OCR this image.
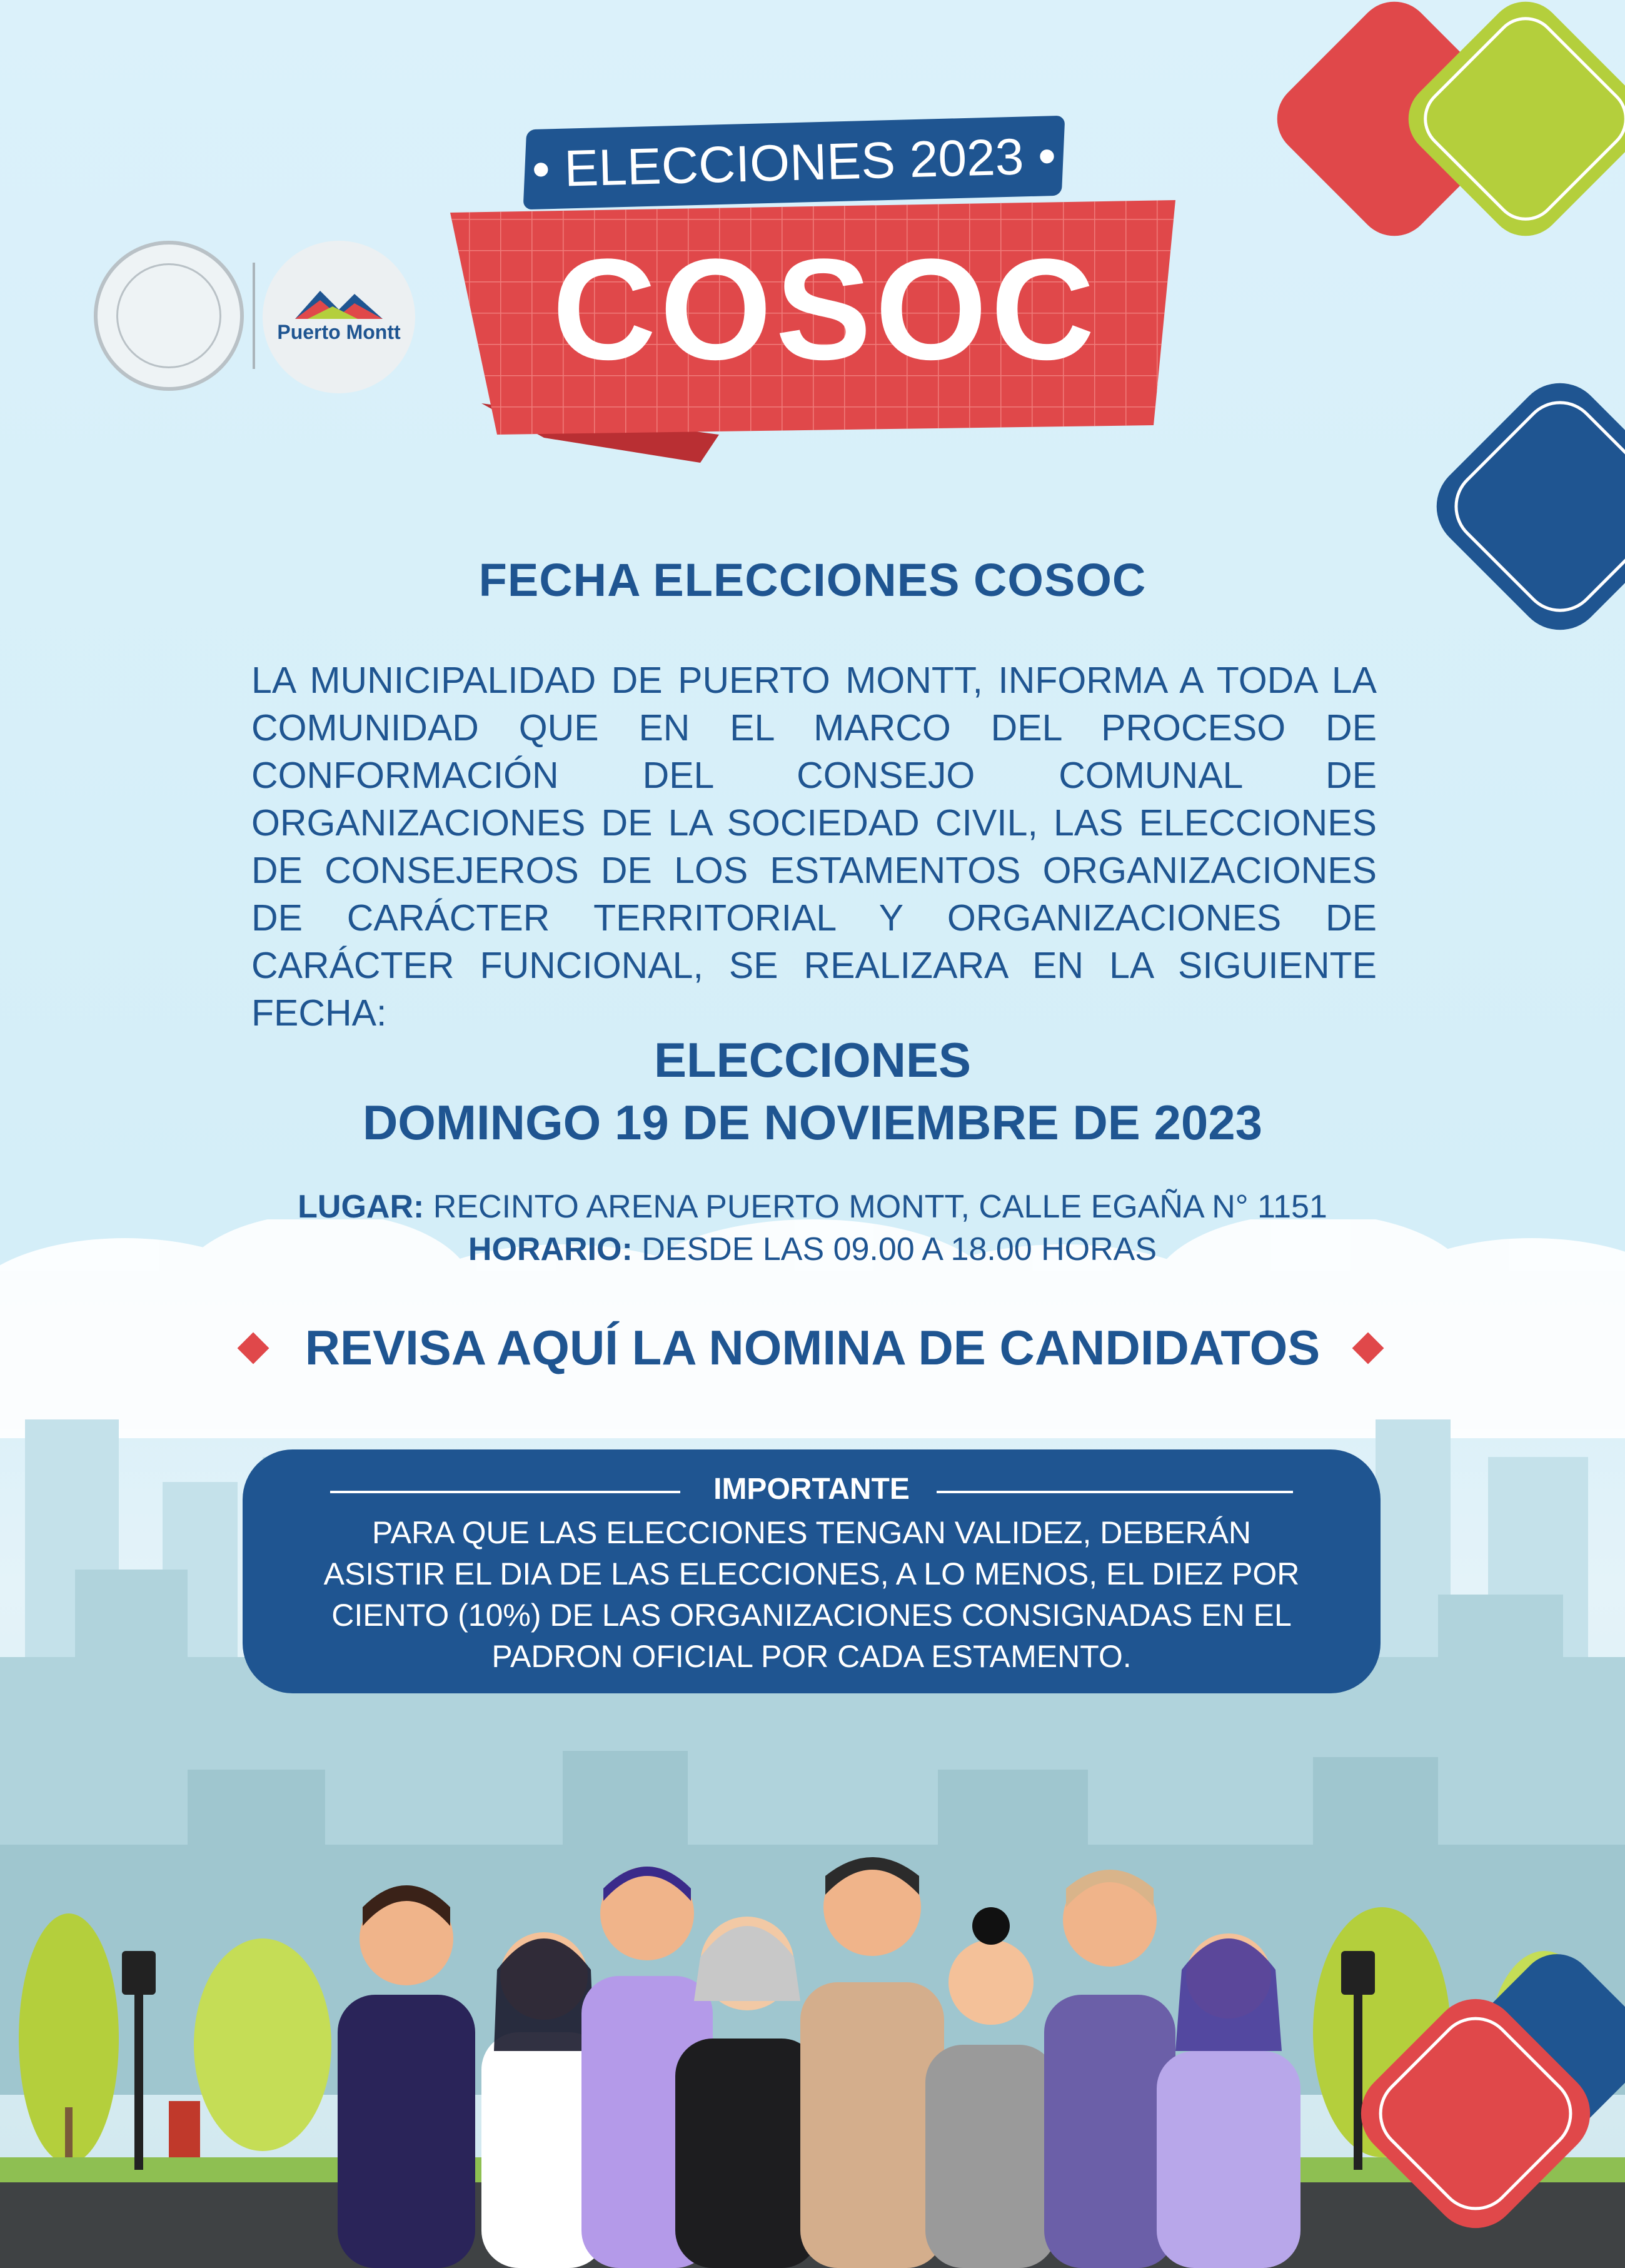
Puerto Montt
• ELECCIONES 2023 •
COSOC
FECHA ELECCIONES COSOC

LA MUNICIPALIDAD DE PUERTO MONTT, INFORMA A TODA LA COMUNIDAD QUE EN EL MARCO DEL PROCESO DE CONFORMACIÓN DEL CONSEJO COMUNAL DE ORGANIZACIONES DE LA SOCIEDAD CIVIL, LAS ELECCIONES DE CONSEJEROS DE LOS ESTAMENTOS ORGANIZACIONES DE CARÁCTER TERRITORIAL Y ORGANIZACIONES DE CARÁCTER FUNCIONAL, SE REALIZARA EN LA SIGUIENTE FECHA:

ELECCIONES
DOMINGO 19 DE NOVIEMBRE DE 2023
LUGAR: RECINTO ARENA PUERTO MONTT, CALLE EGAÑA N° 1151
HORARIO: DESDE LAS 09.00 A 18.00 HORAS
REVISA AQUÍ LA NOMINA DE CANDIDATOS
IMPORTANTE
PARA QUE LAS ELECCIONES TENGAN VALIDEZ, DEBERÁN ASISTIR EL DIA DE LAS ELECCIONES, A LO MENOS, EL DIEZ POR CIENTO (10%) DE LAS ORGANIZACIONES CONSIGNADAS EN EL PADRON OFICIAL POR CADA ESTAMENTO.
